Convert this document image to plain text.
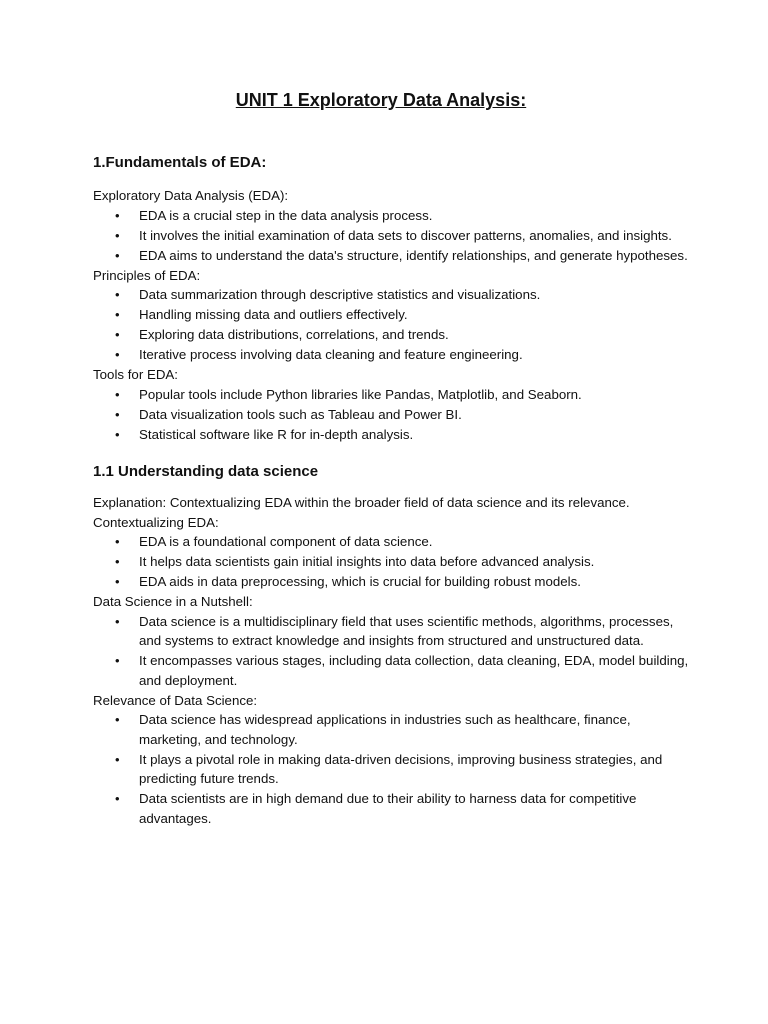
UNIT 1 Exploratory Data Analysis:
1.Fundamentals of EDA:
Exploratory Data Analysis (EDA):
• EDA is a crucial step in the data analysis process.
• It involves the initial examination of data sets to discover patterns, anomalies, and insights.
• EDA aims to understand the data's structure, identify relationships, and generate hypotheses.
Principles of EDA:
• Data summarization through descriptive statistics and visualizations.
• Handling missing data and outliers effectively.
• Exploring data distributions, correlations, and trends.
• Iterative process involving data cleaning and feature engineering.
Tools for EDA:
• Popular tools include Python libraries like Pandas, Matplotlib, and Seaborn.
• Data visualization tools such as Tableau and Power BI.
• Statistical software like R for in-depth analysis.
1.1 Understanding data science
Explanation: Contextualizing EDA within the broader field of data science and its relevance.
Contextualizing EDA:
• EDA is a foundational component of data science.
• It helps data scientists gain initial insights into data before advanced analysis.
• EDA aids in data preprocessing, which is crucial for building robust models.
Data Science in a Nutshell:
• Data science is a multidisciplinary field that uses scientific methods, algorithms, processes, and systems to extract knowledge and insights from structured and unstructured data.
• It encompasses various stages, including data collection, data cleaning, EDA, model building, and deployment.
Relevance of Data Science:
• Data science has widespread applications in industries such as healthcare, finance, marketing, and technology.
• It plays a pivotal role in making data-driven decisions, improving business strategies, and predicting future trends.
• Data scientists are in high demand due to their ability to harness data for competitive advantages.
